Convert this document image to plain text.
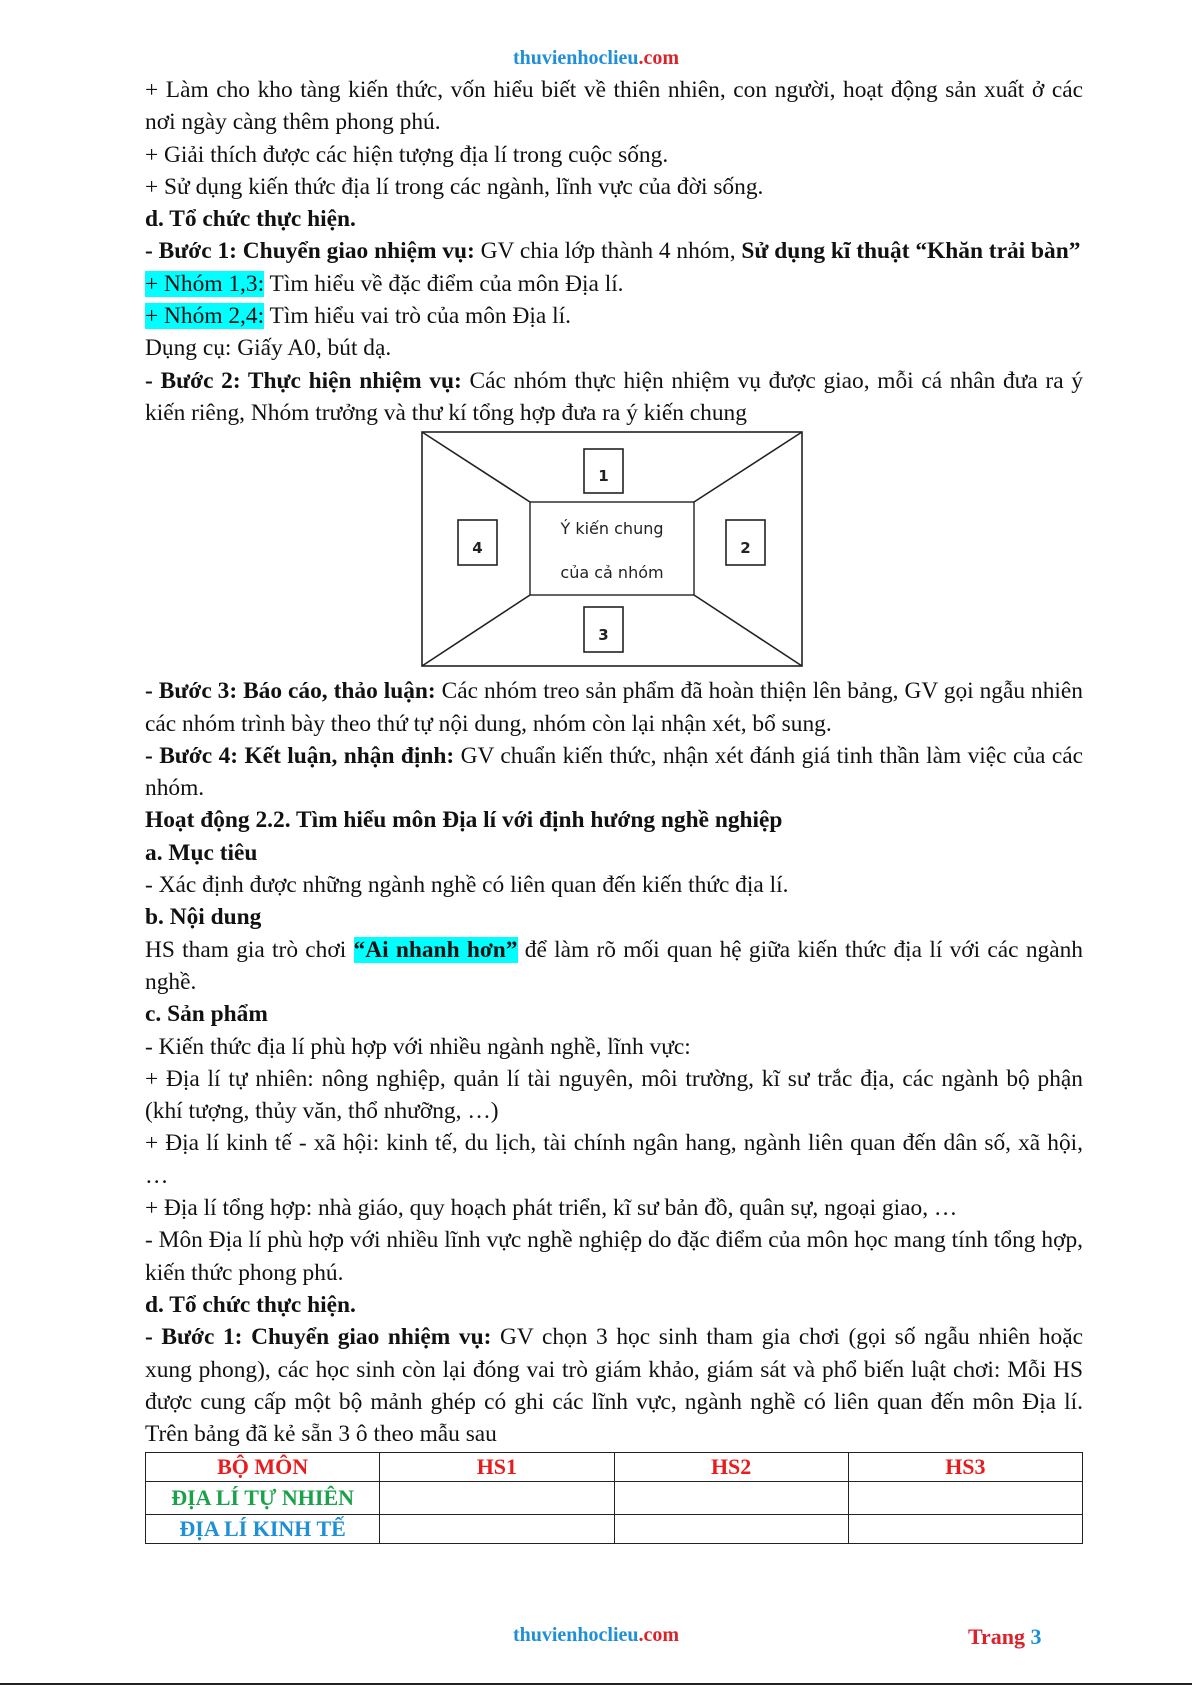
thuvienhoclieu.com

+ Làm cho kho tàng kiến thức, vốn hiểu biết về thiên nhiên, con người, hoạt động sản xuất ở các nơi ngày càng thêm phong phú.

+ Giải thích được các hiện tượng địa lí trong cuộc sống.

+ Sử dụng kiến thức địa lí trong các ngành, lĩnh vực của đời sống.

d. Tổ chức thực hiện.

- Bước 1: Chuyển giao nhiệm vụ: GV chia lớp thành 4 nhóm, Sử dụng kĩ thuật “Khăn trải bàn”

+ Nhóm 1,3: Tìm hiểu về đặc điểm của môn Địa lí.

+ Nhóm 2,4: Tìm hiểu vai trò của môn Địa lí.

Dụng cụ: Giấy A0, bút dạ.

- Bước 2: Thực hiện nhiệm vụ: Các nhóm thực hiện nhiệm vụ được giao, mỗi cá nhân đưa ra ý kiến riêng, Nhóm trưởng và thư kí tổng hợp đưa ra ý kiến chung

1
2
3
4
Ý kiến chung
của cả nhóm

- Bước 3: Báo cáo, thảo luận: Các nhóm treo sản phẩm đã hoàn thiện lên bảng, GV gọi ngẫu nhiên các nhóm trình bày theo thứ tự nội dung, nhóm còn lại nhận xét, bổ sung.

- Bước 4: Kết luận, nhận định: GV chuẩn kiến thức, nhận xét đánh giá tinh thần làm việc của các nhóm.

Hoạt động 2.2. Tìm hiểu môn Địa lí với định hướng nghề nghiệp

a. Mục tiêu

- Xác định được những ngành nghề có liên quan đến kiến thức địa lí.

b. Nội dung

HS tham gia trò chơi “Ai nhanh hơn” để làm rõ mối quan hệ giữa kiến thức địa lí với các ngành nghề.

c. Sản phẩm

- Kiến thức địa lí phù hợp với nhiều ngành nghề, lĩnh vực:

+ Địa lí tự nhiên: nông nghiệp, quản lí tài nguyên, môi trường, kĩ sư trắc địa, các ngành bộ phận (khí tượng, thủy văn, thổ nhưỡng, …)

+ Địa lí kinh tế - xã hội: kinh tế, du lịch, tài chính ngân hang, ngành liên quan đến dân số, xã hội, …

+ Địa lí tổng hợp: nhà giáo, quy hoạch phát triển, kĩ sư bản đồ, quân sự, ngoại giao, …

- Môn Địa lí phù hợp với nhiều lĩnh vực nghề nghiệp do đặc điểm của môn học mang tính tổng hợp, kiến thức phong phú.

d. Tổ chức thực hiện.

- Bước 1: Chuyển giao nhiệm vụ: GV chọn 3 học sinh tham gia chơi (gọi số ngẫu nhiên hoặc xung phong), các học sinh còn lại đóng vai trò giám khảo, giám sát và phổ biến luật chơi: Mỗi HS được cung cấp một bộ mảnh ghép có ghi các lĩnh vực, ngành nghề có liên quan đến môn Địa lí. Trên bảng đã kẻ sẵn 3 ô theo mẫu sau

BỘ MÔN	HS1	HS2	HS3
ĐỊA LÍ TỰ NHIÊN			
ĐỊA LÍ KINH TẾ			
thuvienhoclieu.com	Trang 3
